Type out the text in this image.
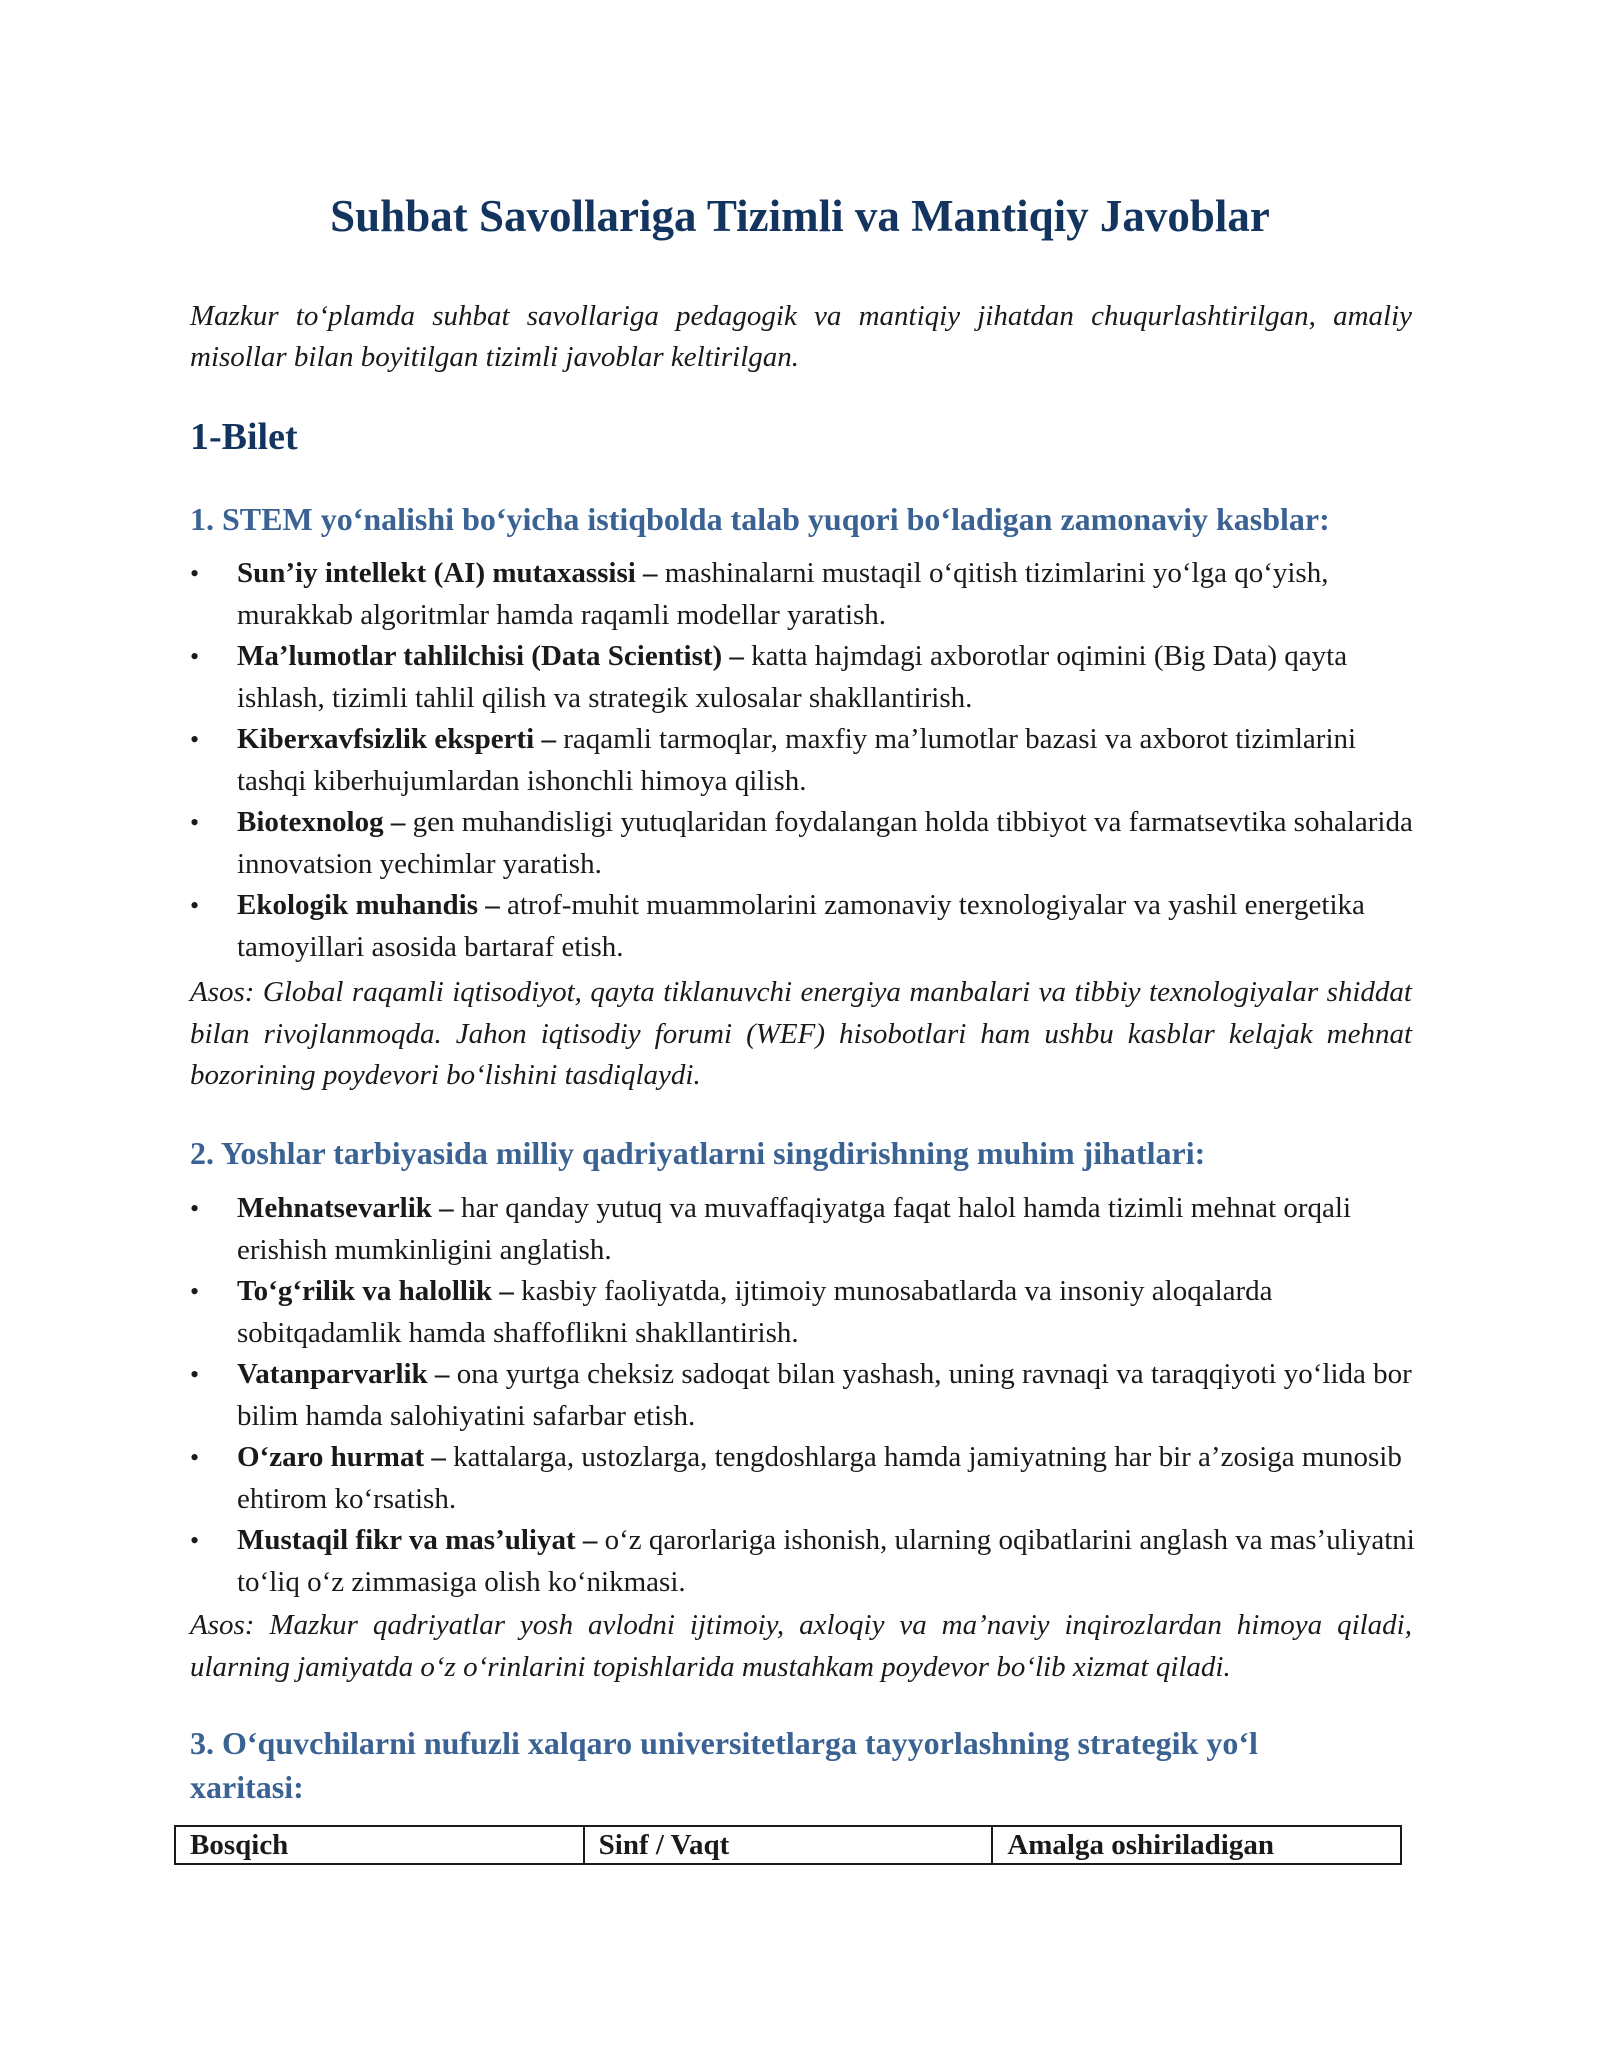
Suhbat Savollariga Tizimli va Mantiqiy Javoblar

Mazkur to‘plamda suhbat savollariga pedagogik va mantiqiy jihatdan chuqurlashtirilgan, amaliy misollar bilan boyitilgan tizimli javoblar keltirilgan.

1-Bilet
1. STEM yo‘nalishi bo‘yicha istiqbolda talab yuqori bo‘ladigan zamonaviy kasblar:
• Sun’iy intellekt (AI) mutaxassisi – mashinalarni mustaqil o‘qitish tizimlarini yo‘lga qo‘yish, murakkab algoritmlar hamda raqamli modellar yaratish.
• Ma’lumotlar tahlilchisi (Data Scientist) – katta hajmdagi axborotlar oqimini (Big Data) qayta ishlash, tizimli tahlil qilish va strategik xulosalar shakllantirish.
• Kiberxavfsizlik eksperti – raqamli tarmoqlar, maxfiy ma’lumotlar bazasi va axborot tizimlarini tashqi kiberhujumlardan ishonchli himoya qilish.
• Biotexnolog – gen muhandisligi yutuqlaridan foydalangan holda tibbiyot va farmatsevtika sohalarida innovatsion yechimlar yaratish.
• Ekologik muhandis – atrof-muhit muammolarini zamonaviy texnologiyalar va yashil energetika tamoyillari asosida bartaraf etish.

Asos: Global raqamli iqtisodiyot, qayta tiklanuvchi energiya manbalari va tibbiy texnologiyalar shiddat bilan rivojlanmoqda. Jahon iqtisodiy forumi (WEF) hisobotlari ham ushbu kasblar kelajak mehnat bozorining poydevori bo‘lishini tasdiqlaydi.

2. Yoshlar tarbiyasida milliy qadriyatlarni singdirishning muhim jihatlari:
• Mehnatsevarlik – har qanday yutuq va muvaffaqiyatga faqat halol hamda tizimli mehnat orqali erishish mumkinligini anglatish.
• To‘g‘rilik va halollik – kasbiy faoliyatda, ijtimoiy munosabatlarda va insoniy aloqalarda sobitqadamlik hamda shaffoflikni shakllantirish.
• Vatanparvarlik – ona yurtga cheksiz sadoqat bilan yashash, uning ravnaqi va taraqqiyoti yo‘lida bor bilim hamda salohiyatini safarbar etish.
• O‘zaro hurmat – kattalarga, ustozlarga, tengdoshlarga hamda jamiyatning har bir a’zosiga munosib ehtirom ko‘rsatish.
• Mustaqil fikr va mas’uliyat – o‘z qarorlariga ishonish, ularning oqibatlarini anglash va mas’uliyatni to‘liq o‘z zimmasiga olish ko‘nikmasi.

Asos: Mazkur qadriyatlar yosh avlodni ijtimoiy, axloqiy va ma’naviy inqirozlardan himoya qiladi, ularning jamiyatda o‘z o‘rinlarini topishlarida mustahkam poydevor bo‘lib xizmat qiladi.

3. O‘quvchilarni nufuzli xalqaro universitetlarga tayyorlashning strategik yo‘l xaritasi:
Bosqich	Sinf / Vaqt	Amalga oshiriladigan
